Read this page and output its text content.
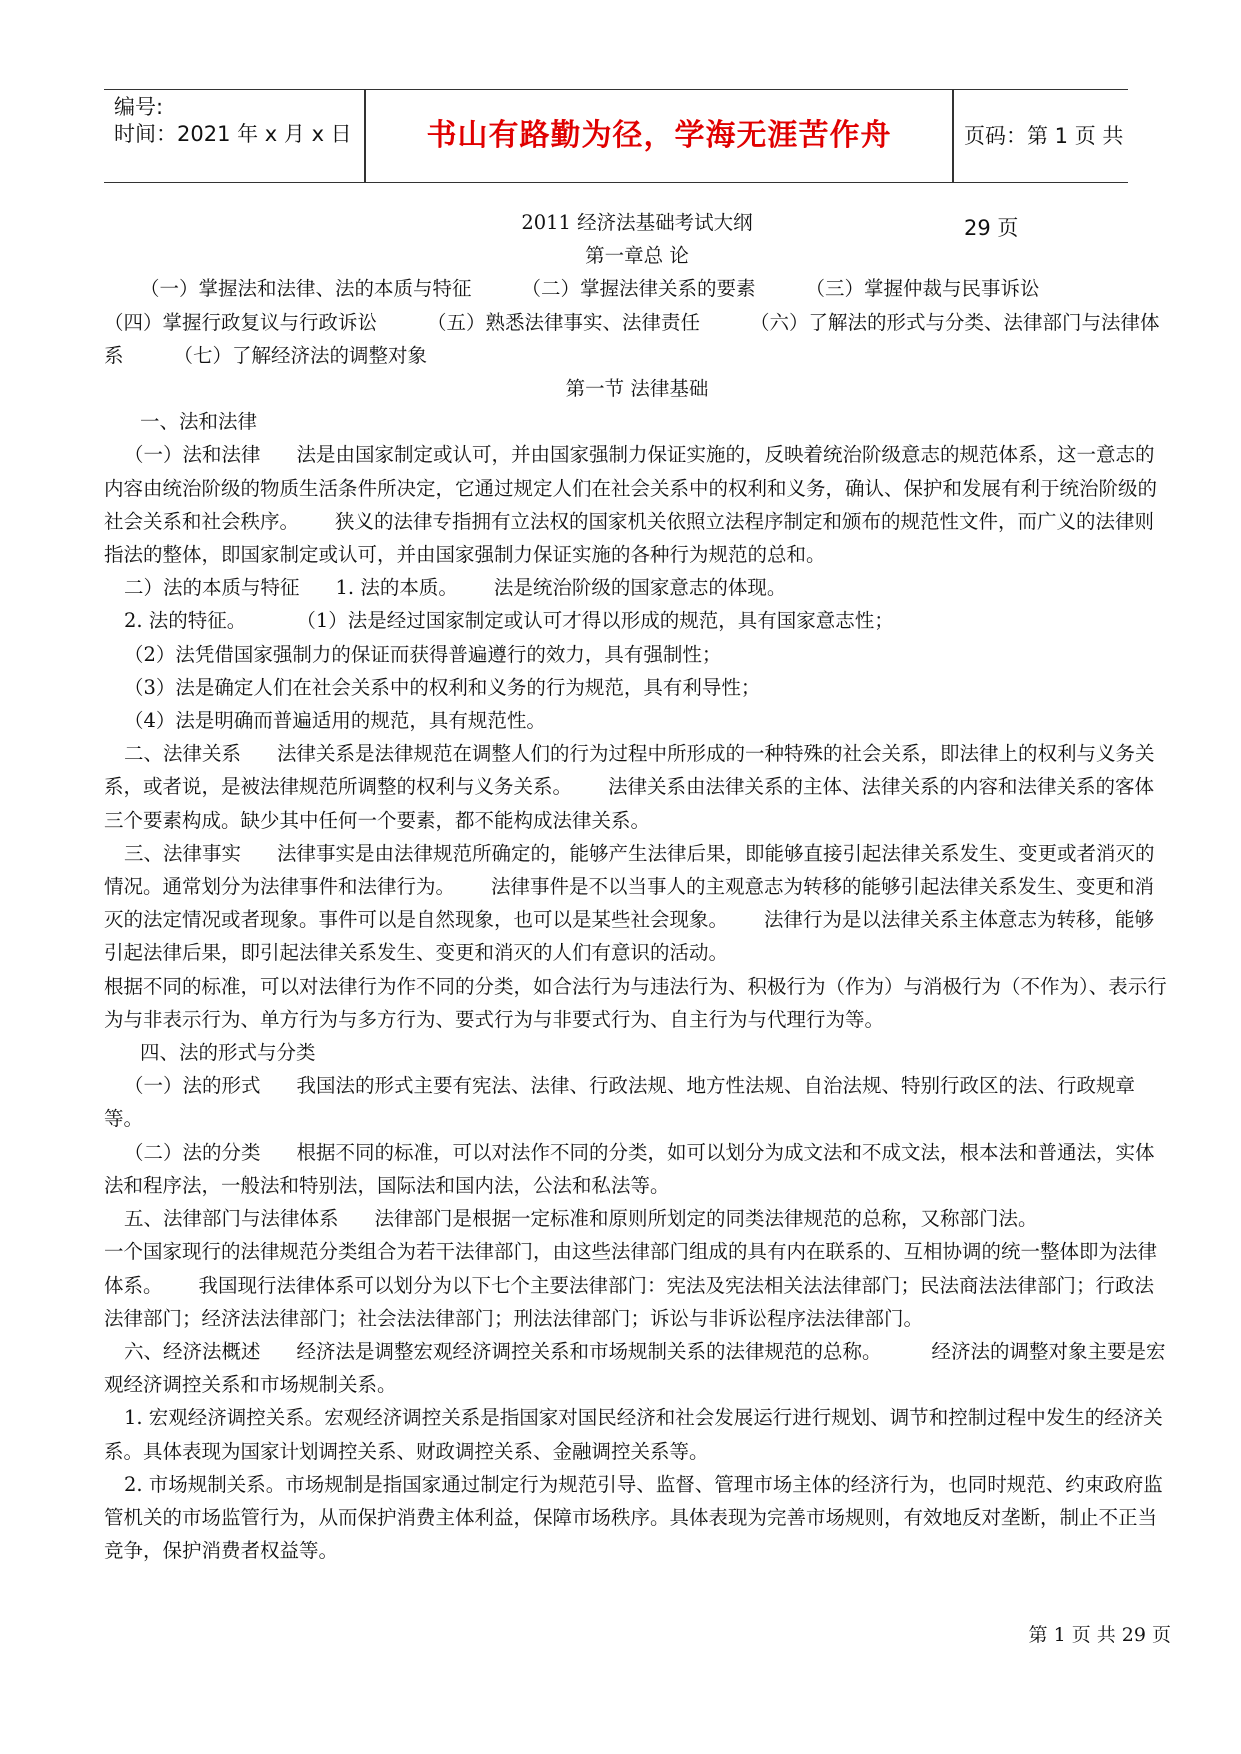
编号:
时间：2021 年 x 月 x 日	书山有路勤为径，学海无涯苦作舟	页码：第 1 页 共 29 页

2011 经济法基础考试大纲

第一章总 论

（一）掌握法和法律、法的本质与特征	（二）掌握法律关系的要素	（三）掌握仲裁与民事诉讼

（四）掌握行政复议与行政诉讼	（五）熟悉法律事实、法律责任	（六）了解法的形式与分类、法律部门与法律体系	（七）了解经济法的调整对象

第一节 法律基础

一、法和法律

（一）法和法律 法是由国家制定或认可，并由国家强制力保证实施的，反映着统治阶级意志的规范体系，这一意志的内容由统治阶级的物质生活条件所决定，它通过规定人们在社会关系中的权利和义务，确认、保护和发展有利于统治阶级的社会关系和社会秩序。 狭义的法律专指拥有立法权的国家机关依照立法程序制定和颁布的规范性文件，而广义的法律则指法的整体，即国家制定或认可，并由国家强制力保证实施的各种行为规范的总和。

二）法的本质与特征 1. 法的本质。 法是统治阶级的国家意志的体现。

2. 法的特征。	（1）法是经过国家制定或认可才得以形成的规范，具有国家意志性；

（2）法凭借国家强制力的保证而获得普遍遵行的效力，具有强制性；

（3）法是确定人们在社会关系中的权利和义务的行为规范，具有利导性；

（4）法是明确而普遍适用的规范，具有规范性。

二、法律关系 法律关系是法律规范在调整人们的行为过程中所形成的一种特殊的社会关系，即法律上的权利与义务关系，或者说，是被法律规范所调整的权利与义务关系。 法律关系由法律关系的主体、法律关系的内容和法律关系的客体三个要素构成。缺少其中任何一个要素，都不能构成法律关系。

三、法律事实 法律事实是由法律规范所确定的，能够产生法律后果，即能够直接引起法律关系发生、变更或者消灭的情况。通常划分为法律事件和法律行为。 法律事件是不以当事人的主观意志为转移的能够引起法律关系发生、变更和消灭的法定情况或者现象。事件可以是自然现象，也可以是某些社会现象。 法律行为是以法律关系主体意志为转移，能够引起法律后果，即引起法律关系发生、变更和消灭的人们有意识的活动。

根据不同的标准，可以对法律行为作不同的分类，如合法行为与违法行为、积极行为（作为）与消极行为（不作为）、表示行为与非表示行为、单方行为与多方行为、要式行为与非要式行为、自主行为与代理行为等。

四、法的形式与分类

（一）法的形式 我国法的形式主要有宪法、法律、行政法规、地方性法规、自治法规、特别行政区的法、行政规章等。

（二）法的分类 根据不同的标准，可以对法作不同的分类，如可以划分为成文法和不成文法，根本法和普通法，实体法和程序法，一般法和特别法，国际法和国内法，公法和私法等。

五、法律部门与法律体系 法律部门是根据一定标准和原则所划定的同类法律规范的总称，又称部门法。

一个国家现行的法律规范分类组合为若干法律部门，由这些法律部门组成的具有内在联系的、互相协调的统一整体即为法律体系。 我国现行法律体系可以划分为以下七个主要法律部门：宪法及宪法相关法法律部门；民法商法法律部门；行政法法律部门；经济法法律部门；社会法法律部门；刑法法律部门；诉讼与非诉讼程序法法律部门。

六、经济法概述 经济法是调整宏观经济调控关系和市场规制关系的法律规范的总称。	经济法的调整对象主要是宏观经济调控关系和市场规制关系。

1. 宏观经济调控关系。宏观经济调控关系是指国家对国民经济和社会发展运行进行规划、调节和控制过程中发生的经济关系。具体表现为国家计划调控关系、财政调控关系、金融调控关系等。

2. 市场规制关系。市场规制是指国家通过制定行为规范引导、监督、管理市场主体的经济行为，也同时规范、约束政府监管机关的市场监管行为，从而保护消费主体利益，保障市场秩序。具体表现为完善市场规则，有效地反对垄断，制止不正当竞争，保护消费者权益等。

第 1 页 共 29 页
